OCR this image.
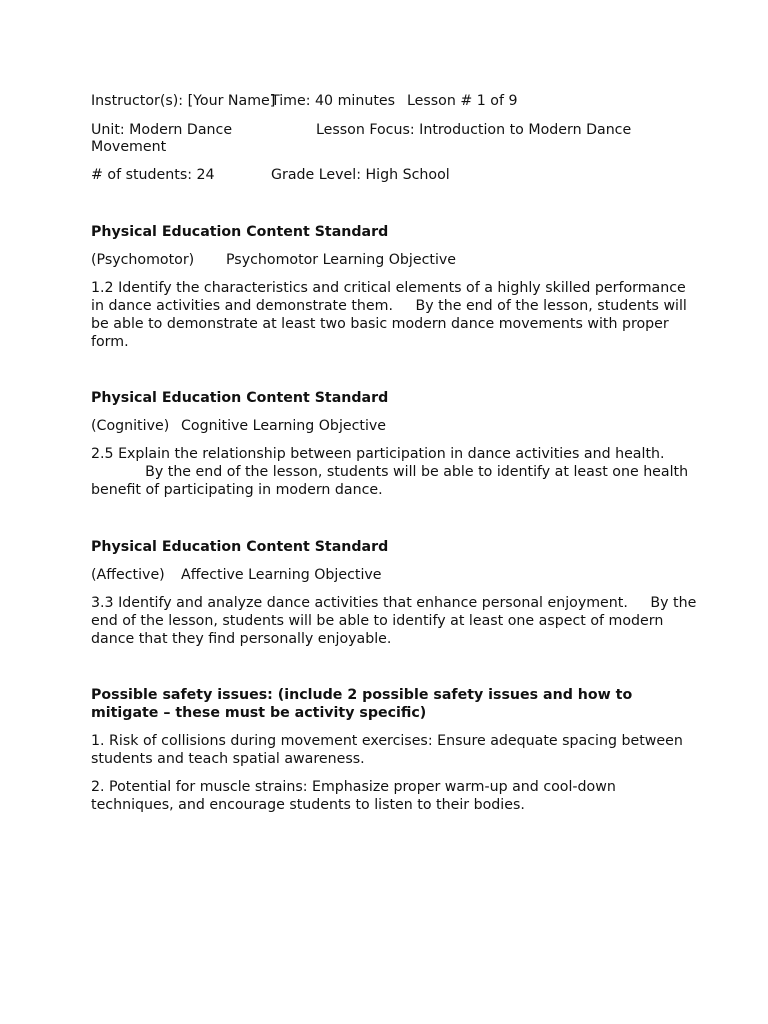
Instructor(s): [Your Name]
Time: 40 minutes Lesson # 1 of 9
Unit: Modern Dance	Lesson Focus: Introduction to Modern Dance
Movement
# of students: 24	Grade Level: High School
Physical Education Content Standard
(Psychomotor) Psychomotor Learning Objective
1.2 Identify the characteristics and critical elements of a highly skilled performance
in dance activities and demonstrate them.     By the end of the lesson, students will
be able to demonstrate at least two basic modern dance movements with proper
form.
Physical Education Content Standard
(Cognitive) Cognitive Learning Objective
2.5 Explain the relationship between participation in dance activities and health.
By the end of the lesson, students will be able to identify at least one health
benefit of participating in modern dance.
Physical Education Content Standard
(Affective) Affective Learning Objective
3.3 Identify and analyze dance activities that enhance personal enjoyment.     By the
end of the lesson, students will be able to identify at least one aspect of modern
dance that they find personally enjoyable.
Possible safety issues: (include 2 possible safety issues and how to
mitigate – these must be activity specific)
1. Risk of collisions during movement exercises: Ensure adequate spacing between
students and teach spatial awareness.
2. Potential for muscle strains: Emphasize proper warm-up and cool-down
techniques, and encourage students to listen to their bodies.
